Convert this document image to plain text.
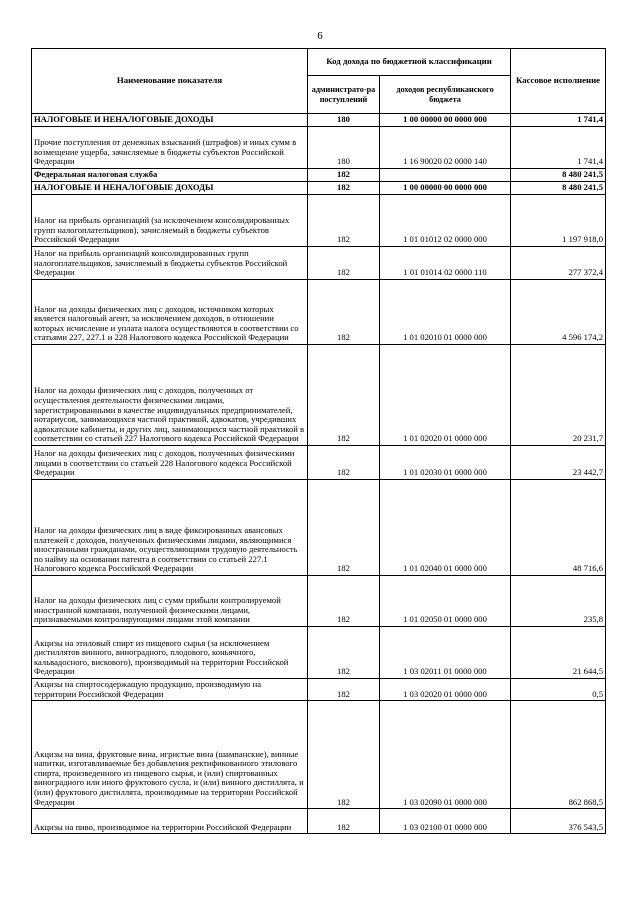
6
Наименование показателя	Код дохода по бюджетной классификации		Кассовое исполнение
	администрато-ра поступлений	доходов республиканского бюджета	
НАЛОГОВЫЕ И НЕНАЛОГОВЫЕ ДОХОДЫ	180	1 00 00000 00 0000 000	1 741,4
Прочие поступления от денежных взысканий (штрафов) и иных сумм в возмещение ущерба, зачисляемые в бюджеты субъектов Российской Федерации	180	1 16 90020 02 0000 140	1 741,4
Федеральная налоговая служба	182		8 480 241,5
НАЛОГОВЫЕ И НЕНАЛОГОВЫЕ ДОХОДЫ	182	1 00 00000 00 0000 000	8 480 241,5
Налог на прибыль организаций (за исключением консолидированных групп налогоплательщиков), зачисляемый в бюджеты субъектов Российской Федерации	182	1 01 01012 02 0000 000	1 197 918,0
Налог на прибыль организаций консолидированных групп налогоплательщиков, зачисляемый в бюджеты субъектов Российской Федерации	182	1 01 01014 02 0000 110	277 372,4
Налог на доходы физических лиц с доходов, источником которых является налоговый агент, за исключением доходов, в отношении которых исчисление и уплата налога осуществляются в соответствии со статьями 227, 227.1 и 228 Налогового кодекса Российской Федерации	182	1 01 02010 01 0000 000	4 596 174,2
Налог на доходы физических лиц с доходов, полученных от осуществления деятельности физическими лицами, зарегистрированными в качестве индивидуальных предпринимателей, нотариусов, занимающихся частной практикой, адвокатов, учредивших адвокатские кабинеты, и других лиц, занимающихся частной практикой в соответствии со статьей 227 Налогового кодекса Российской Федерации	182	1 01 02020 01 0000 000	20 231,7
Налог на доходы физических лиц с доходов, полученных физическими лицами в соответствии со статьей 228 Налогового кодекса Российской Федерации	182	1 01 02030 01 0000 000	23 442,7
Налог на доходы физических лиц в виде фиксированных авансовых платежей с доходов, полученных физическими лицами, являющимися иностранными гражданами, осуществляющими трудовую деятельность по найму на основании патента в соответствии со статьей 227.1 Налогового кодекса Российской Федерации	182	1 01 02040 01 0000 000	48 716,6
Налог на доходы физических лиц с сумм прибыли контролируемой иностранной компании, полученной физическими лицами, признаваемыми контролирующими лицами этой компании	182	1 01 02050 01 0000 000	235,8
Акцизы на этиловый спирт из пищевого сырья (за исключением дистиллятов винного, виноградного, плодового, коньячного, кальвадосного, вискового), производимый на территории Российской Федерации	182	1 03 02011 01 0000 000	21 644,5
Акцизы на спиртосодержащую продукцию, производимую на территории Российской Федерации	182	1 03 02020 01 0000 000	0,5
Акцизы на вина, фруктовые вина, игристые вина (шампанские), винные напитки, изготавливаемые без добавления ректификованного этилового спирта, произведенного из пищевого сырья, и (или) спиртованных виноградного или иного фруктового сусла, и (или) винного дистиллята, и (или) фруктового дистиллята, производимые на территории Российской Федерации	182	1 03 02090 01 0000 000	862 868,5
Акцизы на пиво, производимое на территории Российской Федерации	182	1 03 02100 01 0000 000	376 543,5
